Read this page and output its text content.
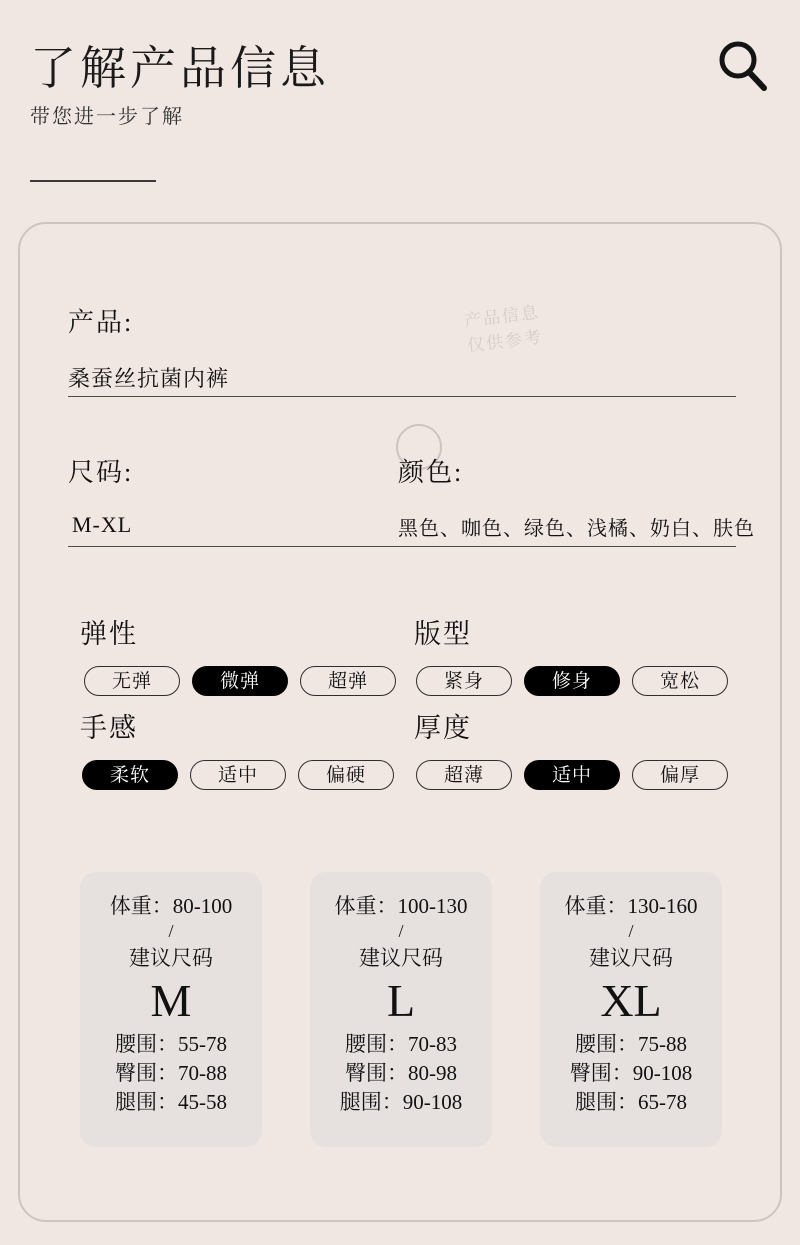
了解产品信息
带您进一步了解
产品:
桑蚕丝抗菌内裤
产品信息
仅供参考
尺码:
M-XL
颜色:
黑色、咖色、绿色、浅橘、奶白、肤色
弹性
无弹	微弹	超弹
版型
紧身	修身	宽松
手感
柔软	适中	偏硬
厚度
超薄	适中	偏厚
体重：80-100
/
建议尺码
M
腰围：55-78
臀围：70-88
腿围：45-58
体重：100-130
/
建议尺码
L
腰围：70-83
臀围：80-98
腿围：90-108
体重：130-160
/
建议尺码
XL
腰围：75-88
臀围：90-108
腿围：65-78
